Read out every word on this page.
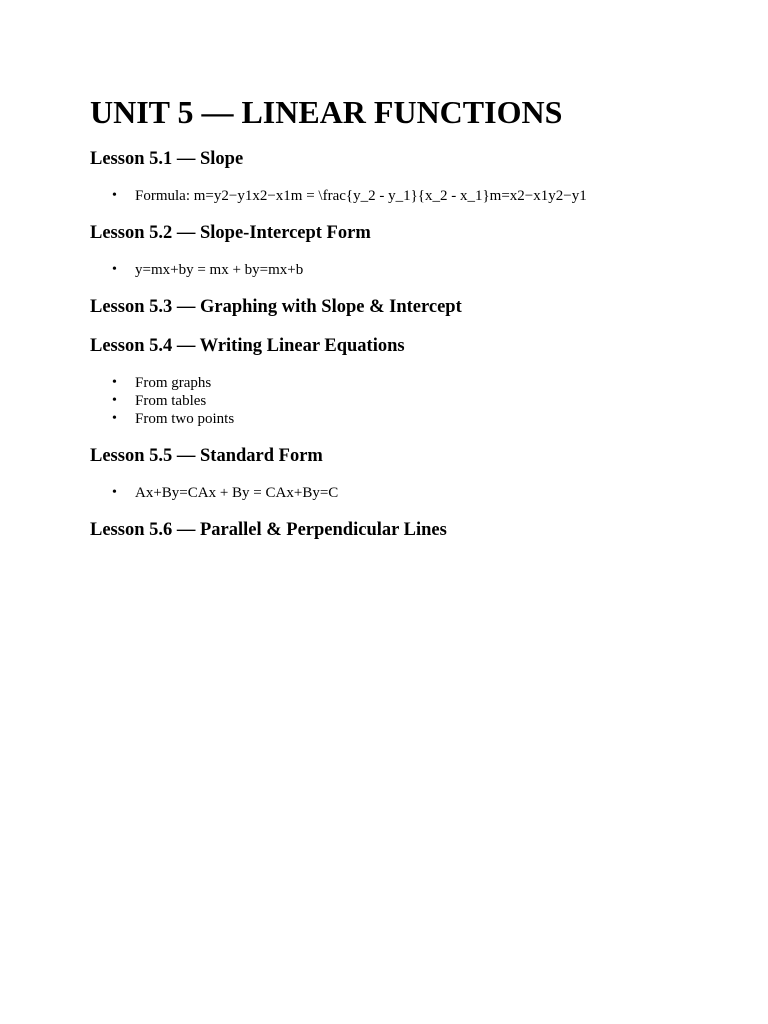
UNIT 5 — LINEAR FUNCTIONS
Lesson 5.1 — Slope
• Formula: m=y2−y1x2−x1m = \frac{y_2 - y_1}{x_2 - x_1}m=x2−x1y2−y1
Lesson 5.2 — Slope-Intercept Form
• y=mx+by = mx + by=mx+b
Lesson 5.3 — Graphing with Slope & Intercept
Lesson 5.4 — Writing Linear Equations
• From graphs
• From tables
• From two points
Lesson 5.5 — Standard Form
• Ax+By=CAx + By = CAx+By=C
Lesson 5.6 — Parallel & Perpendicular Lines
